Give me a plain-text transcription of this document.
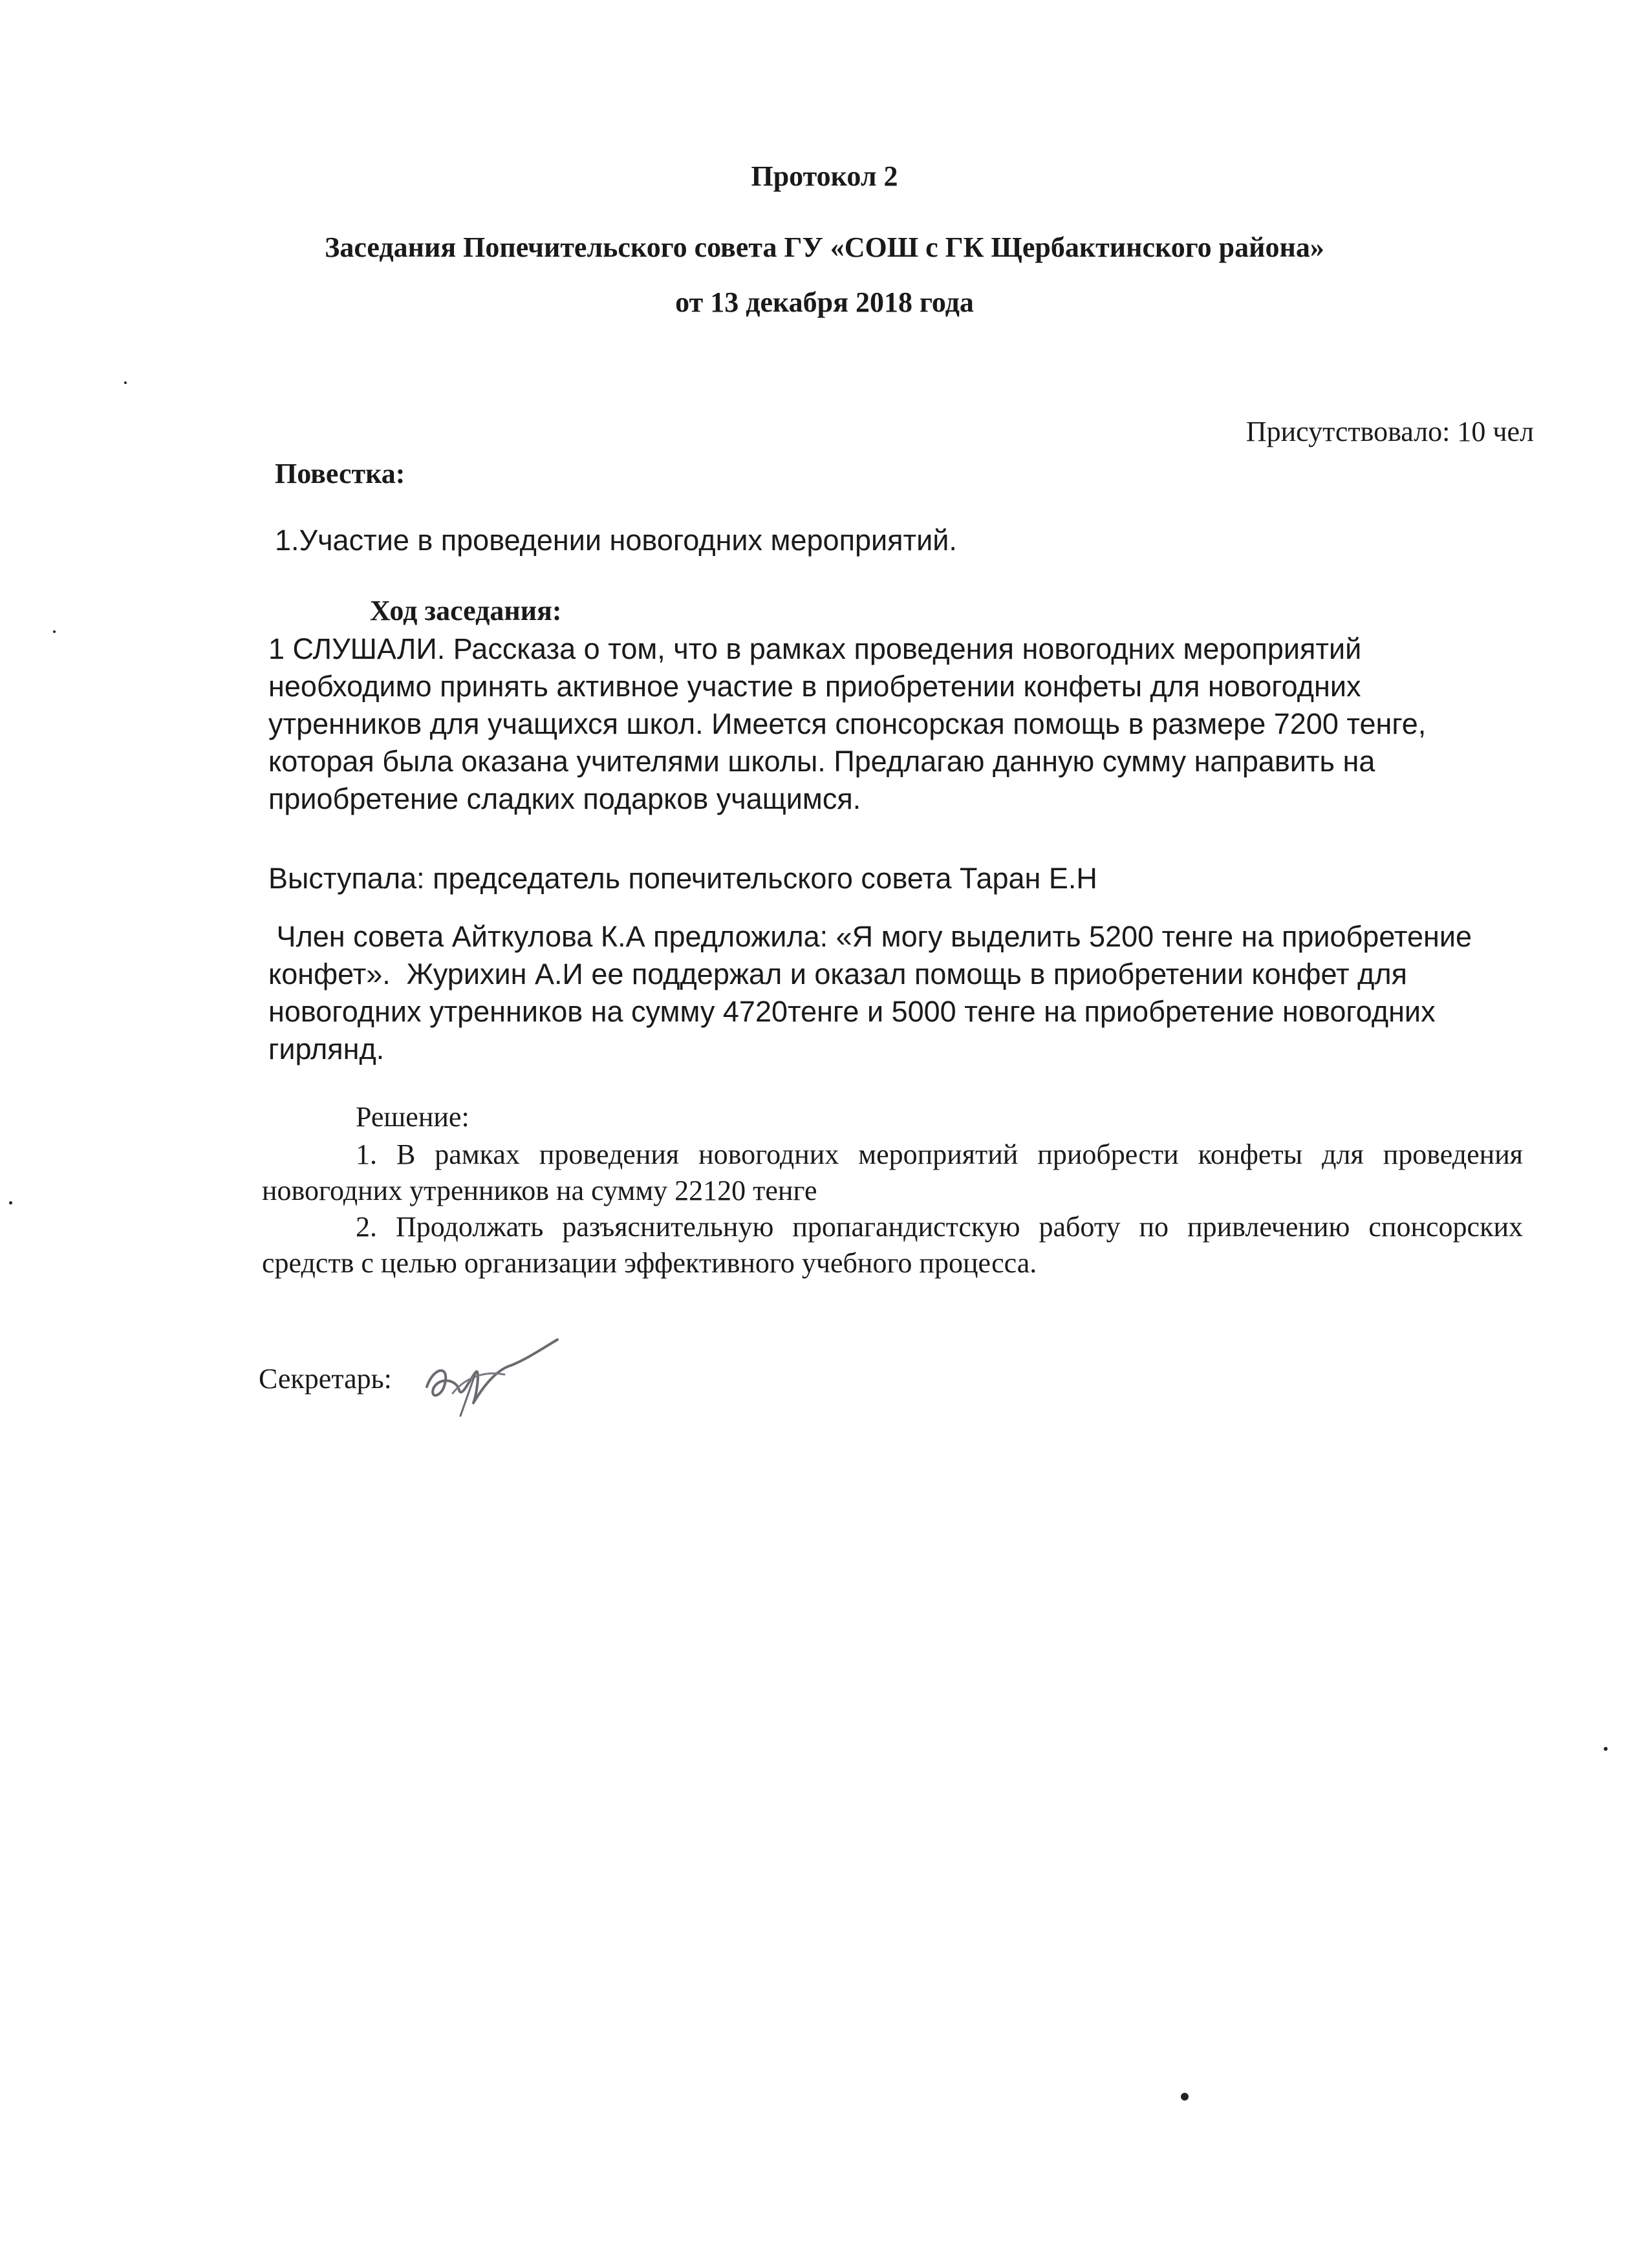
Протокол 2
Заседания Попечительского совета ГУ «СОШ с ГК Щербактинского района»
от 13 декабря 2018 года
Присутствовало: 10 чел
Повестка:
1.Участие в проведении новогодних мероприятий.
Ход заседания:
1 СЛУШАЛИ. Рассказа о том, что в рамках проведения новогодних мероприятий
необходимо принять активное участие в приобретении конфеты для новогодних
утренников для учащихся школ. Имеется спонсорская помощь в размере 7200 тенге,
которая была оказана учителями школы. Предлагаю данную сумму направить на
приобретение сладких подарков учащимся.
Выступала: председатель попечительского совета Таран Е.Н
Член совета Айткулова К.А предложила: «Я могу выделить 5200 тенге на приобретение
конфет».  Журихин А.И ее поддержал и оказал помощь в приобретении конфет для
новогодних утренников на сумму 4720тенге и 5000 тенге на приобретение новогодних
гирлянд.
Решение:

1. В рамках проведения новогодних мероприятий приобрести конфеты для проведения новогодних утренников на сумму 22120 тенге

2. Продолжать разъяснительную пропагандистскую работу по привлечению спонсорских средств с целью организации эффективного учебного процесса.

Секретарь:
